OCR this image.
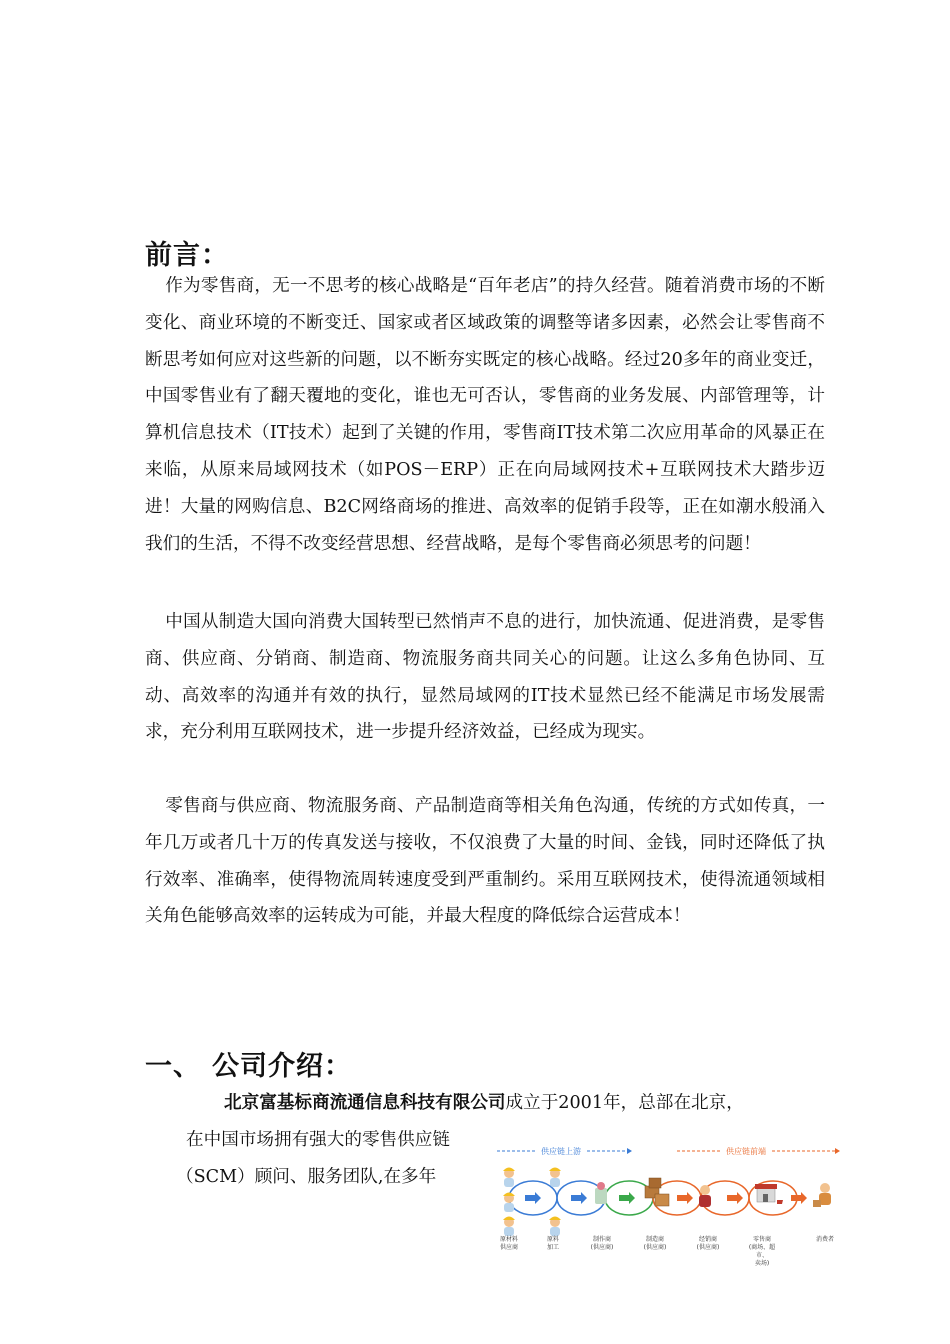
前言：

作为零售商，无一不思考的核心战略是“百年老店”的持久经营。随着消费市场的不断变化、商业环境的不断变迁、国家或者区域政策的调整等诸多因素，必然会让零售商不断思考如何应对这些新的问题，以不断夯实既定的核心战略。经过20多年的商业变迁，中国零售业有了翻天覆地的变化，谁也无可否认，零售商的业务发展、内部管理等，计算机信息技术（IT技术）起到了关键的作用，零售商IT技术第二次应用革命的风暴正在来临，从原来局域网技术（如POS－ERP）正在向局域网技术+互联网技术大踏步迈进！大量的网购信息、B2C网络商场的推进、高效率的促销手段等，正在如潮水般涌入我们的生活，不得不改变经营思想、经营战略，是每个零售商必须思考的问题！

中国从制造大国向消费大国转型已然悄声不息的进行，加快流通、促进消费，是零售商、供应商、分销商、制造商、物流服务商共同关心的问题。让这么多角色协同、互动、高效率的沟通并有效的执行，显然局域网的IT技术显然已经不能满足市场发展需求，充分利用互联网技术，进一步提升经济效益，已经成为现实。

零售商与供应商、物流服务商、产品制造商等相关角色沟通，传统的方式如传真，一年几万或者几十万的传真发送与接收，不仅浪费了大量的时间、金钱，同时还降低了执行效率、准确率，使得物流周转速度受到严重制约。采用互联网技术，使得流通领域相关角色能够高效率的运转成为可能，并最大程度的降低综合运营成本！

一、 公司介绍：
北京富基标商流通信息科技有限公司成立于2001年，总部在北京，
在中国市场拥有强大的零售供应链
（SCM）顾问、服务团队,在多年
供应链上游	供应链前端
原材料
供应商
原料
加工
制作商
(供应商)
制造商
(供应商)
经销商
(供应商)
零售商
(商场、超市、
卖场)
消费者
